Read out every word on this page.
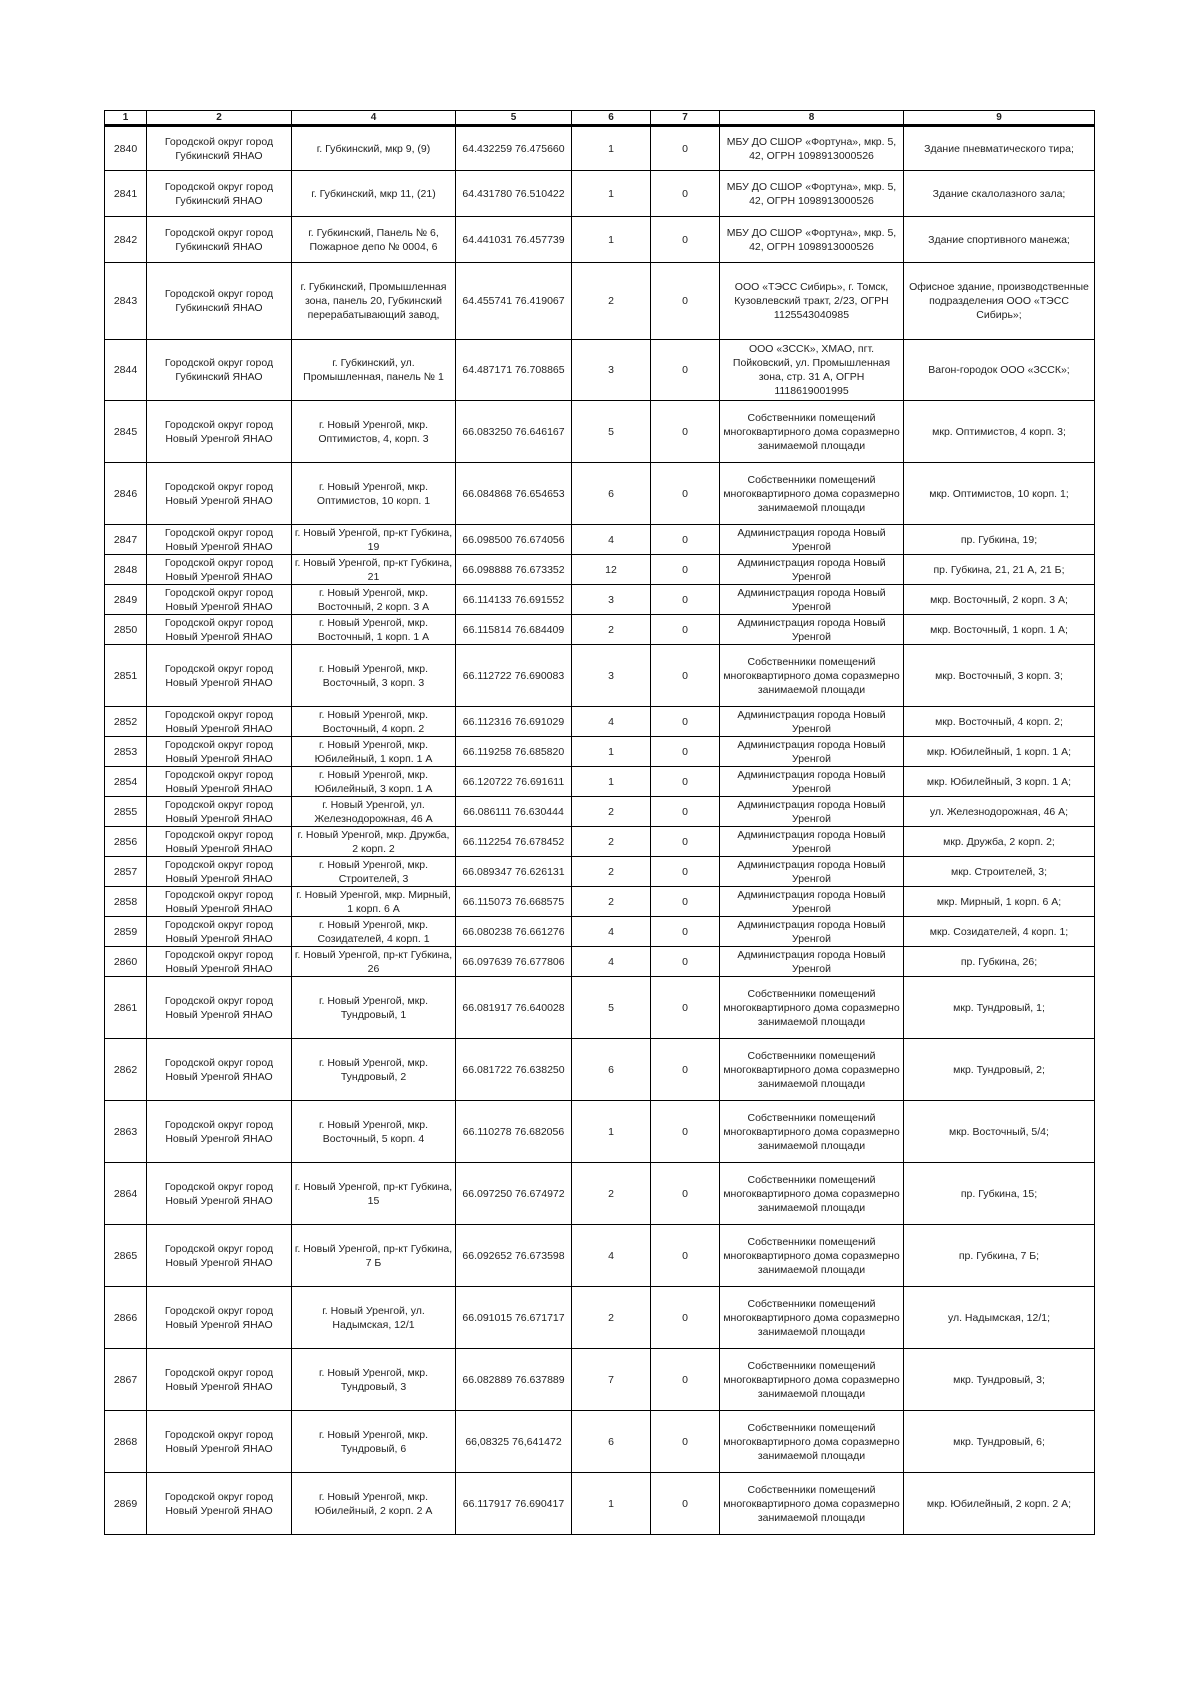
1	2	4	5	6	7	8	9
2840	Городской округ город Губкинский ЯНАО	г. Губкинский, мкр 9, (9)	64.432259 76.475660	1	0	МБУ ДО СШОР «Фортуна», мкр. 5, 42, ОГРН 1098913000526	Здание пневматического тира;
2841	Городской округ город Губкинский ЯНАО	г. Губкинский, мкр 11, (21)	64.431780 76.510422	1	0	МБУ ДО СШОР «Фортуна», мкр. 5, 42, ОГРН 1098913000526	Здание скалолазного зала;
2842	Городской округ город Губкинский ЯНАО	г. Губкинский, Панель № 6, Пожарное депо № 0004, 6	64.441031 76.457739	1	0	МБУ ДО СШОР «Фортуна», мкр. 5, 42, ОГРН 1098913000526	Здание спортивного манежа;
2843	Городской округ город Губкинский ЯНАО	г. Губкинский, Промышленная зона, панель 20, Губкинский перерабатывающий завод,	64.455741 76.419067	2	0	ООО «ТЭСС Сибирь», г. Томск, Кузовлевский тракт, 2/23, ОГРН 1125543040985	Офисное здание, производственные подразделения ООО «ТЭСС Сибирь»;
2844	Городской округ город Губкинский ЯНАО	г. Губкинский, ул. Промышленная, панель № 1	64.487171 76.708865	3	0	ООО «ЗССК», ХМАО, пгт. Пойковский, ул. Промышленная зона, стр. 31 А, ОГРН 1118619001995	Вагон-городок ООО «ЗССК»;
2845	Городской округ город Новый Уренгой ЯНАО	г. Новый Уренгой, мкр. Оптимистов, 4, корп. 3	66.083250 76.646167	5	0	Собственники помещений многоквартирного дома соразмерно занимаемой площади	мкр. Оптимистов, 4 корп. 3;
2846	Городской округ город Новый Уренгой ЯНАО	г. Новый Уренгой, мкр. Оптимистов, 10 корп. 1	66.084868 76.654653	6	0	Собственники помещений многоквартирного дома соразмерно занимаемой площади	мкр. Оптимистов, 10 корп. 1;
2847	Городской округ город Новый Уренгой ЯНАО	г. Новый Уренгой, пр-кт Губкина, 19	66.098500 76.674056	4	0	Администрация города Новый Уренгой	пр. Губкина, 19;
2848	Городской округ город Новый Уренгой ЯНАО	г. Новый Уренгой, пр-кт Губкина, 21	66.098888 76.673352	12	0	Администрация города Новый Уренгой	пр. Губкина, 21, 21 А, 21 Б;
2849	Городской округ город Новый Уренгой ЯНАО	г. Новый Уренгой, мкр. Восточный, 2 корп. 3 А	66.114133 76.691552	3	0	Администрация города Новый Уренгой	мкр. Восточный, 2 корп. 3 А;
2850	Городской округ город Новый Уренгой ЯНАО	г. Новый Уренгой, мкр. Восточный, 1 корп. 1 А	66.115814 76.684409	2	0	Администрация города Новый Уренгой	мкр. Восточный, 1 корп. 1 А;
2851	Городской округ город Новый Уренгой ЯНАО	г. Новый Уренгой, мкр. Восточный, 3 корп. 3	66.112722 76.690083	3	0	Собственники помещений многоквартирного дома соразмерно занимаемой площади	мкр. Восточный, 3 корп. 3;
2852	Городской округ город Новый Уренгой ЯНАО	г. Новый Уренгой, мкр. Восточный, 4 корп. 2	66.112316 76.691029	4	0	Администрация города Новый Уренгой	мкр. Восточный, 4 корп. 2;
2853	Городской округ город Новый Уренгой ЯНАО	г. Новый Уренгой, мкр. Юбилейный, 1 корп. 1 А	66.119258 76.685820	1	0	Администрация города Новый Уренгой	мкр. Юбилейный, 1 корп. 1 А;
2854	Городской округ город Новый Уренгой ЯНАО	г. Новый Уренгой, мкр. Юбилейный, 3 корп. 1 А	66.120722 76.691611	1	0	Администрация города Новый Уренгой	мкр. Юбилейный, 3 корп. 1 А;
2855	Городской округ город Новый Уренгой ЯНАО	г. Новый Уренгой, ул. Железнодорожная, 46 А	66.086111 76.630444	2	0	Администрация города Новый Уренгой	ул. Железнодорожная, 46 А;
2856	Городской округ город Новый Уренгой ЯНАО	г. Новый Уренгой, мкр. Дружба, 2 корп. 2	66.112254 76.678452	2	0	Администрация города Новый Уренгой	мкр. Дружба, 2 корп. 2;
2857	Городской округ город Новый Уренгой ЯНАО	г. Новый Уренгой, мкр. Строителей, 3	66.089347 76.626131	2	0	Администрация города Новый Уренгой	мкр. Строителей, 3;
2858	Городской округ город Новый Уренгой ЯНАО	г. Новый Уренгой, мкр. Мирный, 1 корп. 6 А	66.115073 76.668575	2	0	Администрация города Новый Уренгой	мкр. Мирный, 1 корп. 6 А;
2859	Городской округ город Новый Уренгой ЯНАО	г. Новый Уренгой, мкр. Созидателей, 4 корп. 1	66.080238 76.661276	4	0	Администрация города Новый Уренгой	мкр. Созидателей, 4 корп. 1;
2860	Городской округ город Новый Уренгой ЯНАО	г. Новый Уренгой, пр-кт Губкина, 26	66.097639 76.677806	4	0	Администрация города Новый Уренгой	пр. Губкина, 26;
2861	Городской округ город Новый Уренгой ЯНАО	г. Новый Уренгой, мкр. Тундровый, 1	66.081917 76.640028	5	0	Собственники помещений многоквартирного дома соразмерно занимаемой площади	мкр. Тундровый, 1;
2862	Городской округ город Новый Уренгой ЯНАО	г. Новый Уренгой, мкр. Тундровый, 2	66.081722 76.638250	6	0	Собственники помещений многоквартирного дома соразмерно занимаемой площади	мкр. Тундровый, 2;
2863	Городской округ город Новый Уренгой ЯНАО	г. Новый Уренгой, мкр. Восточный, 5 корп. 4	66.110278 76.682056	1	0	Собственники помещений многоквартирного дома соразмерно занимаемой площади	мкр. Восточный, 5/4;
2864	Городской округ город Новый Уренгой ЯНАО	г. Новый Уренгой, пр-кт Губкина, 15	66.097250 76.674972	2	0	Собственники помещений многоквартирного дома соразмерно занимаемой площади	пр. Губкина, 15;
2865	Городской округ город Новый Уренгой ЯНАО	г. Новый Уренгой, пр-кт Губкина, 7 Б	66.092652 76.673598	4	0	Собственники помещений многоквартирного дома соразмерно занимаемой площади	пр. Губкина, 7 Б;
2866	Городской округ город Новый Уренгой ЯНАО	г. Новый Уренгой, ул. Надымская, 12/1	66.091015 76.671717	2	0	Собственники помещений многоквартирного дома соразмерно занимаемой площади	ул. Надымская, 12/1;
2867	Городской округ город Новый Уренгой ЯНАО	г. Новый Уренгой, мкр. Тундровый, 3	66.082889 76.637889	7	0	Собственники помещений многоквартирного дома соразмерно занимаемой площади	мкр. Тундровый, 3;
2868	Городской округ город Новый Уренгой ЯНАО	г. Новый Уренгой, мкр. Тундровый, 6	66,08325 76,641472	6	0	Собственники помещений многоквартирного дома соразмерно занимаемой площади	мкр. Тундровый, 6;
2869	Городской округ город Новый Уренгой ЯНАО	г. Новый Уренгой, мкр. Юбилейный, 2 корп. 2 А	66.117917 76.690417	1	0	Собственники помещений многоквартирного дома соразмерно занимаемой площади	мкр. Юбилейный, 2 корп. 2 А;
